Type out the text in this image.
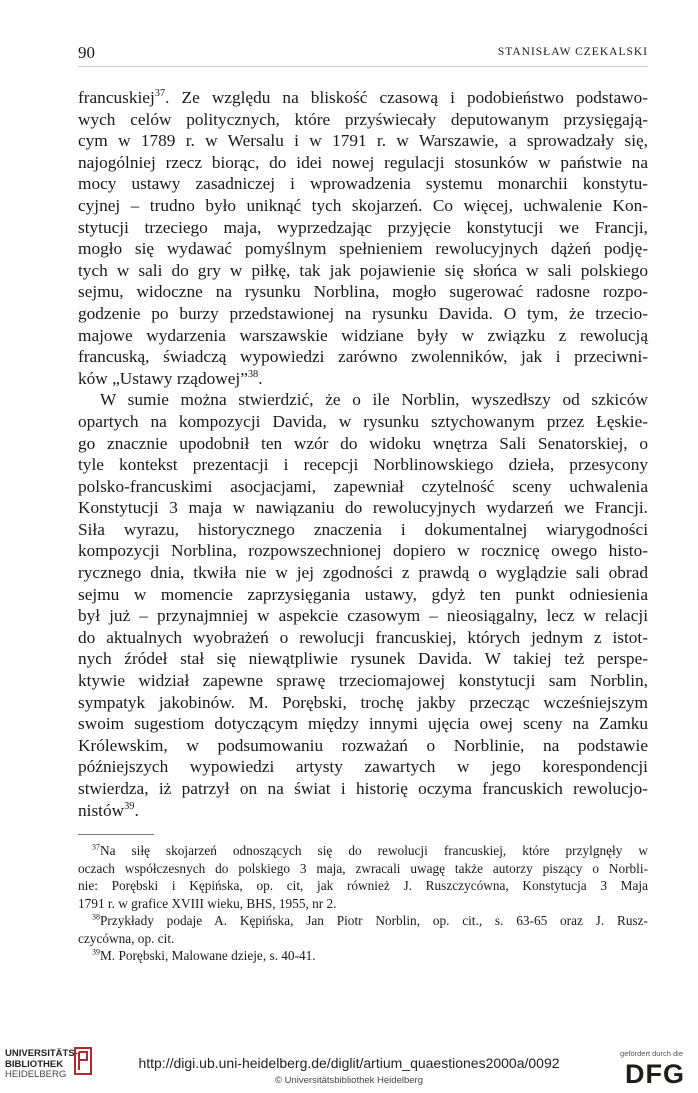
90	STANISŁAW CZEKALSKI
francuskiej$^{37}$. Ze względu na bliskość czasową i podobieństwo podstawo-
wych celów politycznych, które przyświecały deputowanym przysięgają-
cym w 1789 r. w Wersalu i w 1791 r. w Warszawie, a sprowadzały się,
najogólniej rzecz biorąc, do idei nowej regulacji stosunków w państwie na
mocy ustawy zasadniczej i wprowadzenia systemu monarchii konstytu-
cyjnej – trudno było uniknąć tych skojarzeń. Co więcej, uchwalenie Kon-
stytucji trzeciego maja, wyprzedzając przyjęcie konstytucji we Francji,
mogło się wydawać pomyślnym spełnieniem rewolucyjnych dążeń podję-
tych w sali do gry w piłkę, tak jak pojawienie się słońca w sali polskiego
sejmu, widoczne na rysunku Norblina, mogło sugerować radosne rozpo-
godzenie po burzy przedstawionej na rysunku Davida. O tym, że trzecio-
majowe wydarzenia warszawskie widziane były w związku z rewolucją
francuską, świadczą wypowiedzi zarówno zwolenników, jak i przeciwni-
ków „Ustawy rządowej”$^{38}$.
W sumie można stwierdzić, że o ile Norblin, wyszedłszy od szkiców
opartych na kompozycji Davida, w rysunku sztychowanym przez Łęskie-
go znacznie upodobnił ten wzór do widoku wnętrza Sali Senatorskiej, o
tyle kontekst prezentacji i recepcji Norblinowskiego dzieła, przesycony
polsko-francuskimi asocjacjami, zapewniał czytelność sceny uchwalenia
Konstytucji 3 maja w nawiązaniu do rewolucyjnych wydarzeń we Francji.
Siła wyrazu, historycznego znaczenia i dokumentalnej wiarygodności
kompozycji Norblina, rozpowszechnionej dopiero w rocznicę owego histo-
rycznego dnia, tkwiła nie w jej zgodności z prawdą o wyglądzie sali obrad
sejmu w momencie zaprzysięgania ustawy, gdyż ten punkt odniesienia
był już – przynajmniej w aspekcie czasowym – nieosiągalny, lecz w relacji
do aktualnych wyobrażeń o rewolucji francuskiej, których jednym z istot-
nych źródeł stał się niewątpliwie rysunek Davida. W takiej też perspe-
ktywie widział zapewne sprawę trzeciomajowej konstytucji sam Norblin,
sympatyk jakobinów. M. Porębski, trochę jakby przecząc wcześniejszym
swoim sugestiom dotyczącym między innymi ujęcia owej sceny na Zamku
Królewskim, w podsumowaniu rozważań o Norblinie, na podstawie
późniejszych wypowiedzi artysty zawartych w jego korespondencji
stwierdza, iż patrzył on na świat i historię oczyma francuskich rewolucjo-
nistów$^{39}$.
$^{37}$Na siłę skojarzeń odnoszących się do rewolucji francuskiej, które przylgnęły w
oczach współczesnych do polskiego 3 maja, zwracali uwagę także autorzy piszący o Norbli-
nie: Porębski i Kępińska, op. cit, jak również J. Ruszczycówna, Konstytucja 3 Maja
1791 r. w grafice XVIII wieku, BHS, 1955, nr 2.
$^{38}$Przykłady podaje A. Kępińska, Jan Piotr Norblin, op. cit., s. 63-65 oraz J. Rusz-
czycówna, op. cit.
$^{39}$M. Porębski, Malowane dzieje, s. 40-41.
UNIVERSITÄTS-
BIBLIOTHEK
HEIDELBERG
http://digi.ub.uni-heidelberg.de/diglit/artium_quaestiones2000a/0092
© Universitätsbibliothek Heidelberg
gefördert durch die
DFG
